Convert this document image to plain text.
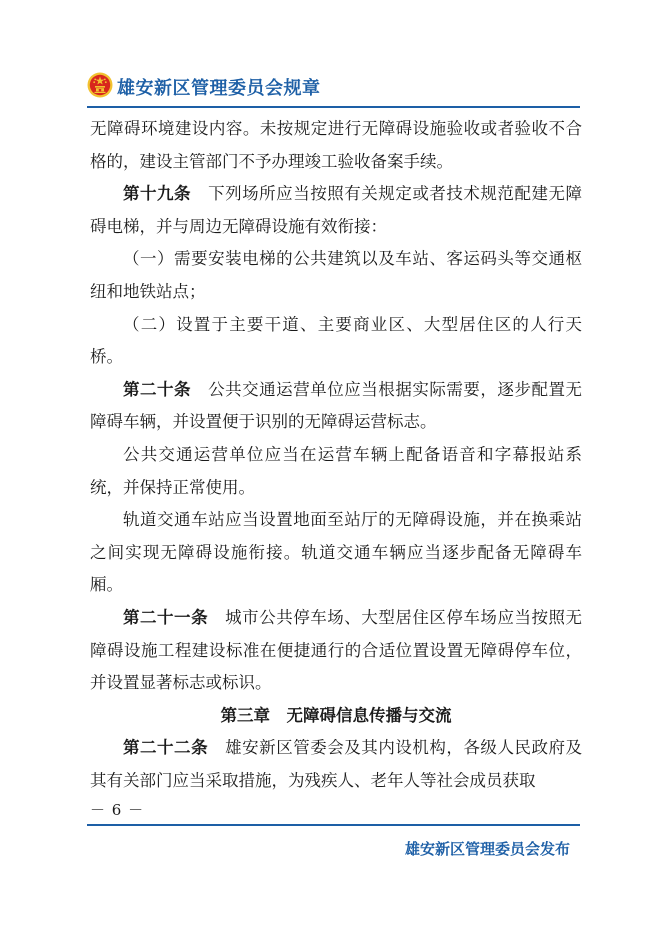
雄安新区管理委员会规章

无障碍环境建设内容。未按规定进行无障碍设施验收或者验收不合格的，建设主管部门不予办理竣工验收备案手续。

第十九条　 下列场所应当按照有关规定或者技术规范配建无障碍电梯，并与周边无障碍设施有效衔接：

（一）需要安装电梯的公共建筑以及车站、客运码头等交通枢纽和地铁站点；

（二）设置于主要干道、主要商业区、大型居住区的人行天桥。

第二十条　 公共交通运营单位应当根据实际需要，逐步配置无障碍车辆，并设置便于识别的无障碍运营标志。

公共交通运营单位应当在运营车辆上配备语音和字幕报站系统，并保持正常使用。

轨道交通车站应当设置地面至站厅的无障碍设施，并在换乘站之间实现无障碍设施衔接。轨道交通车辆应当逐步配备无障碍车厢。

第二十一条　 城市公共停车场、大型居住区停车场应当按照无障碍设施工程建设标准在便捷通行的合适位置设置无障碍停车位，并设置显著标志或标识。

第三章　无障碍信息传播与交流

第二十二条　 雄安新区管委会及其内设机构，各级人民政府及其有关部门应当采取措施，为残疾人、老年人等社会成员获取

－ 6 －
雄安新区管理委员会发布
